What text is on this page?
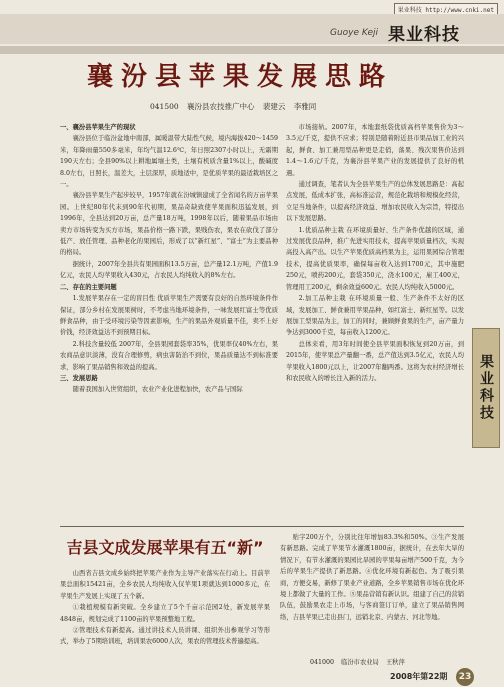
果业科技 http://www.cnki.net
Guoye Keji 果业科技
襄汾县苹果发展思路
041500 襄汾县农技推广中心 裴建云 李雅同

一、襄汾县苹果生产的现状

襄汾县位于临汾盆地中南部，属暖温带大陆性气候，境内海拔420～1459米，年降雨量550多毫米，年均气温12.6℃，年日照2307小时以上，无霜期190天左右；全县90%以上耕地属壤土类，土壤有机质含量1%以上，酸碱度8.0左右，日照长，温差大，土层深厚，质地适中，是优质苹果的最适栽培区之一。

襄汾县苹果生产起步较早，1957年就在汾城镇建成了全省闻名的万亩苹果园。上世纪80年代末到90年代初期，果品奇缺致使苹果面积迅猛发展，到1996年，全县达到20万亩，总产量18万吨，1998年以后，随着果品市场由卖方市场转变为买方市场，果品价格一路下跌，果贱伤农，果农在砍伐了部分低产、放任管理、品种老化的果园后，形成了以“新红星”、“富士”为主要品种的格局。

据统计，2007年全县共有果园面积13.5万亩，总产量12.1万吨，产值1.9亿元，农民人均苹果收入430元，占农民人均纯收入的8%左右。

二、存在的主要问题

1.发展苹果存在一定的盲目性 优质苹果生产需要有良好的自然环境条件作保证，部分乡村在发展果树时，不考虑当地环境条件，一味发展红富士等优质鲜食品种，由于受环境污染等因素影响，生产的果品外观质量不佳，卖不上好价钱，经济效益达不到预期目标。

2.科技含量较低 2007年，全县果园套袋率35%，优果率仅40%左右，果农商品意识淡薄，没有合理修剪，病虫害防治不到位，果品质量达不到标准要求，影响了果品销售和效益的提高。

三、发展思路

随着我国加入世贸组织，农业产业化进程加快，农产品与国际

市场接轨。2007年，本地套纸袋优质高档苹果售价为3～3.5元/千克，提供不应求；特别是随着附近县市果品加工业的兴起，鲜食、加工兼用型品种更是走俏，落果、残次果售价达到1.4～1.6元/千克，为襄汾县苹果产业的发展提供了良好的机遇。

通过调查，笔者认为全县苹果生产的总体发展思路是：高起点发展，低成本扩张，高标准运营，规范化栽培和规模化经营，立足当地条件，以提高经济效益、增加农民收入为宗旨，特提出以下发展思路。

1.优质品种主栽 在环境质量好、生产条件优越的区域，通过发展优良品种，推广先进实用技术，提高苹果质量档次，实现高投入高产出。以生产苹果优质高档果为主，运用果园综合管理技术，提高优质果率，确保每亩收入达到1700元，其中施肥250元，喷药200元，套袋350元，浇水100元，雇工400元，管理用工200元，剩余效益600元。农民人均纯收入5000元。

2.加工品种主栽 在环境质量一般、生产条件不太好的区域，发展加工、鲜食兼用苹果品种，如红富士、新红星等。以发展加工型果品为主，加工的同时，兼顾鲜食果的生产，亩产量力争达到3000千克，每亩收入1200元。

总体来看，用3年时间使全县苹果面积恢复到20万亩，到2015年，使苹果总产量翻一番，总产值达到3.5亿元，农民人均苹果收入1800元以上，让2007年翻两番。这将为农村经济增长和农民收入的增长注入新的活力。	果业科技
吉县文成发展苹果有五“新”

山西省吉县文成乡始终把苹果产业作为主导产业落实在行动上。目前苹果总面积15421亩，全乡农民人均纯收入仅苹果1项就达到1000多元，在苹果生产发展上实现了五个新。

①栽植规模有新突破。全乡建立了5个千亩示范园2处，新发展苹果4848亩，规划完成了1100亩的苹果预整地工程。

②管理技术有新提高。通过讲技术人员讲课、组织外出参观学习等形式，举办了5期培训班，培训果农6000人次，果农的管理技术普遍提高。

贴字200万个，分别比往年增加83.3%和50%。③生产发展有新思路。完成了苹果节水灌溉1800亩，据统计，在去年大旱的情况下，有节水灌溉的果园比旱园的苹果每亩增产500千克，为今后的苹果生产提供了新思路。④优化环境有新起色。为了吸引果商，方便交易，新修了果业产业道路，全乡苹果销售市场在优化环境上都做了大量的工作。⑤果品营销有新认识。组建了自己的营销队伍，鼓励果农走上市场，与客商签订订单，建立了果品销售网络，吉县苹果已走出县门，远销北京、内蒙古、河北等地。

041000 临汾市农业局 王秋萍
2008年第22期	23
